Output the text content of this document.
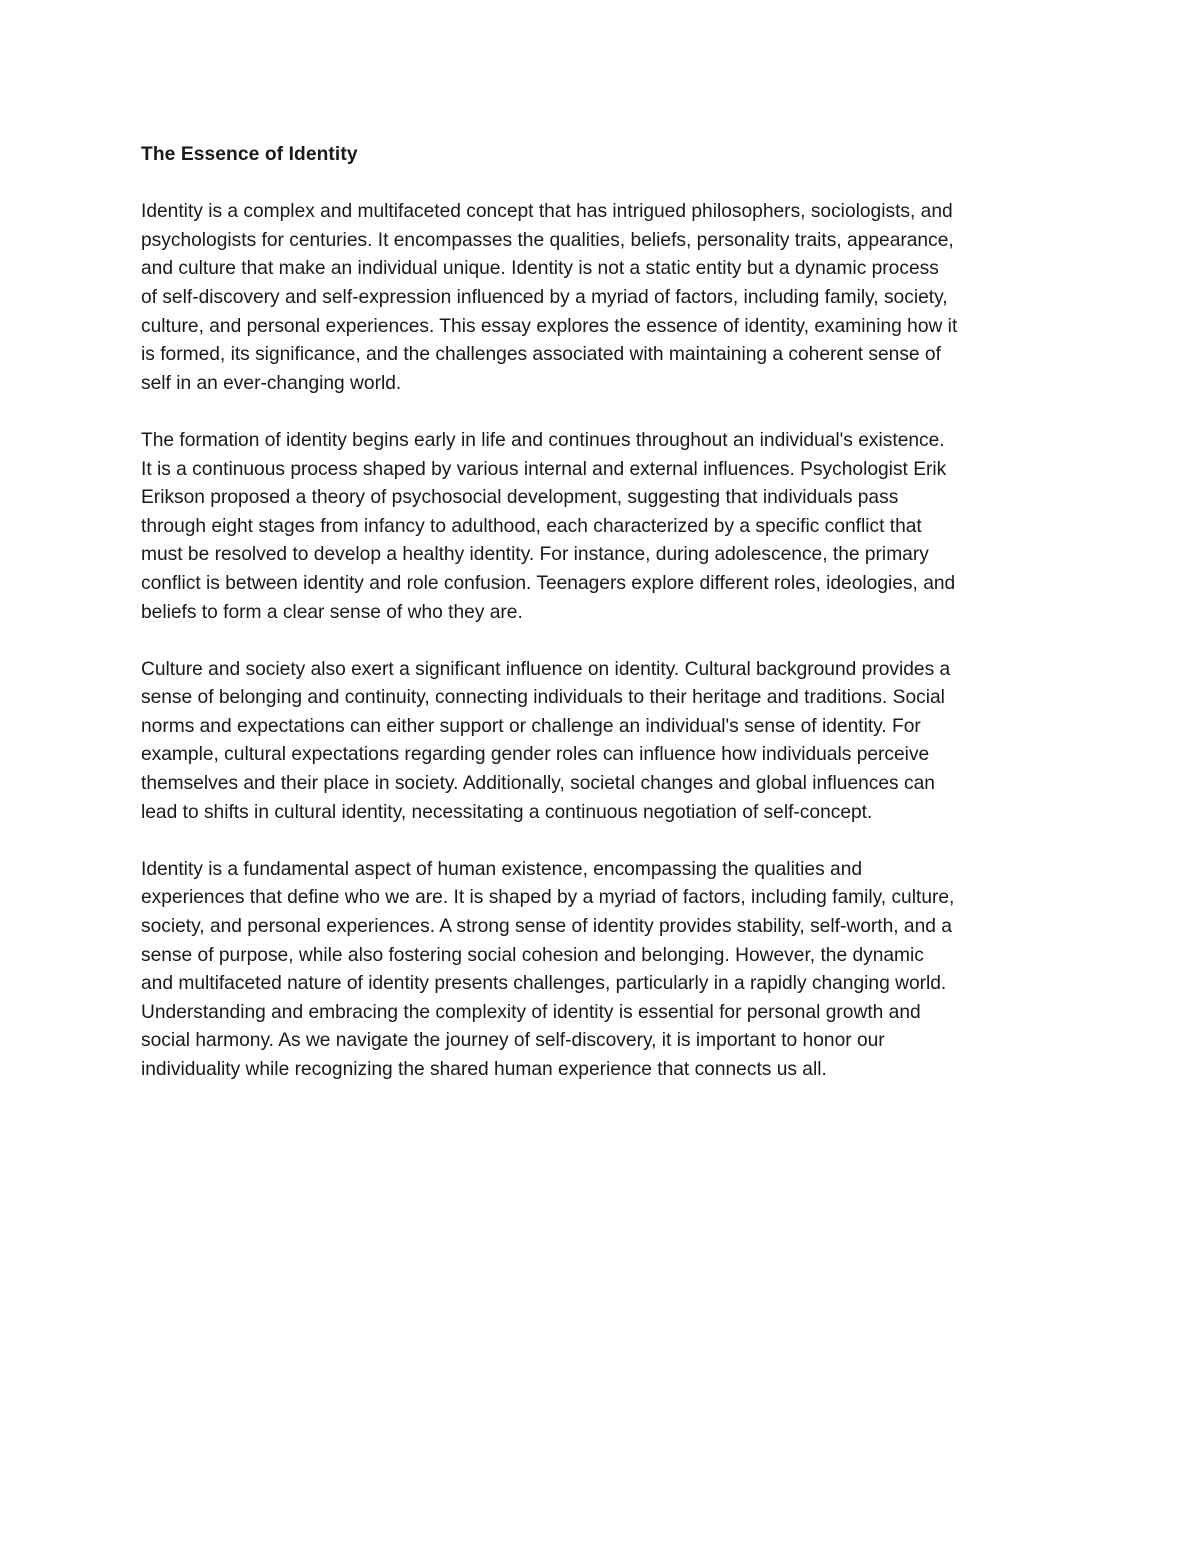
The Essence of Identity

Identity is a complex and multifaceted concept that has intrigued philosophers, sociologists, and
psychologists for centuries. It encompasses the qualities, beliefs, personality traits, appearance,
and culture that make an individual unique. Identity is not a static entity but a dynamic process
of self-discovery and self-expression influenced by a myriad of factors, including family, society,
culture, and personal experiences. This essay explores the essence of identity, examining how it
is formed, its significance, and the challenges associated with maintaining a coherent sense of
self in an ever-changing world.

The formation of identity begins early in life and continues throughout an individual's existence.
It is a continuous process shaped by various internal and external influences. Psychologist Erik
Erikson proposed a theory of psychosocial development, suggesting that individuals pass
through eight stages from infancy to adulthood, each characterized by a specific conflict that
must be resolved to develop a healthy identity. For instance, during adolescence, the primary
conflict is between identity and role confusion. Teenagers explore different roles, ideologies, and
beliefs to form a clear sense of who they are.

Culture and society also exert a significant influence on identity. Cultural background provides a
sense of belonging and continuity, connecting individuals to their heritage and traditions. Social
norms and expectations can either support or challenge an individual's sense of identity. For
example, cultural expectations regarding gender roles can influence how individuals perceive
themselves and their place in society. Additionally, societal changes and global influences can
lead to shifts in cultural identity, necessitating a continuous negotiation of self-concept.

Identity is a fundamental aspect of human existence, encompassing the qualities and
experiences that define who we are. It is shaped by a myriad of factors, including family, culture,
society, and personal experiences. A strong sense of identity provides stability, self-worth, and a
sense of purpose, while also fostering social cohesion and belonging. However, the dynamic
and multifaceted nature of identity presents challenges, particularly in a rapidly changing world.
Understanding and embracing the complexity of identity is essential for personal growth and
social harmony. As we navigate the journey of self-discovery, it is important to honor our
individuality while recognizing the shared human experience that connects us all.
